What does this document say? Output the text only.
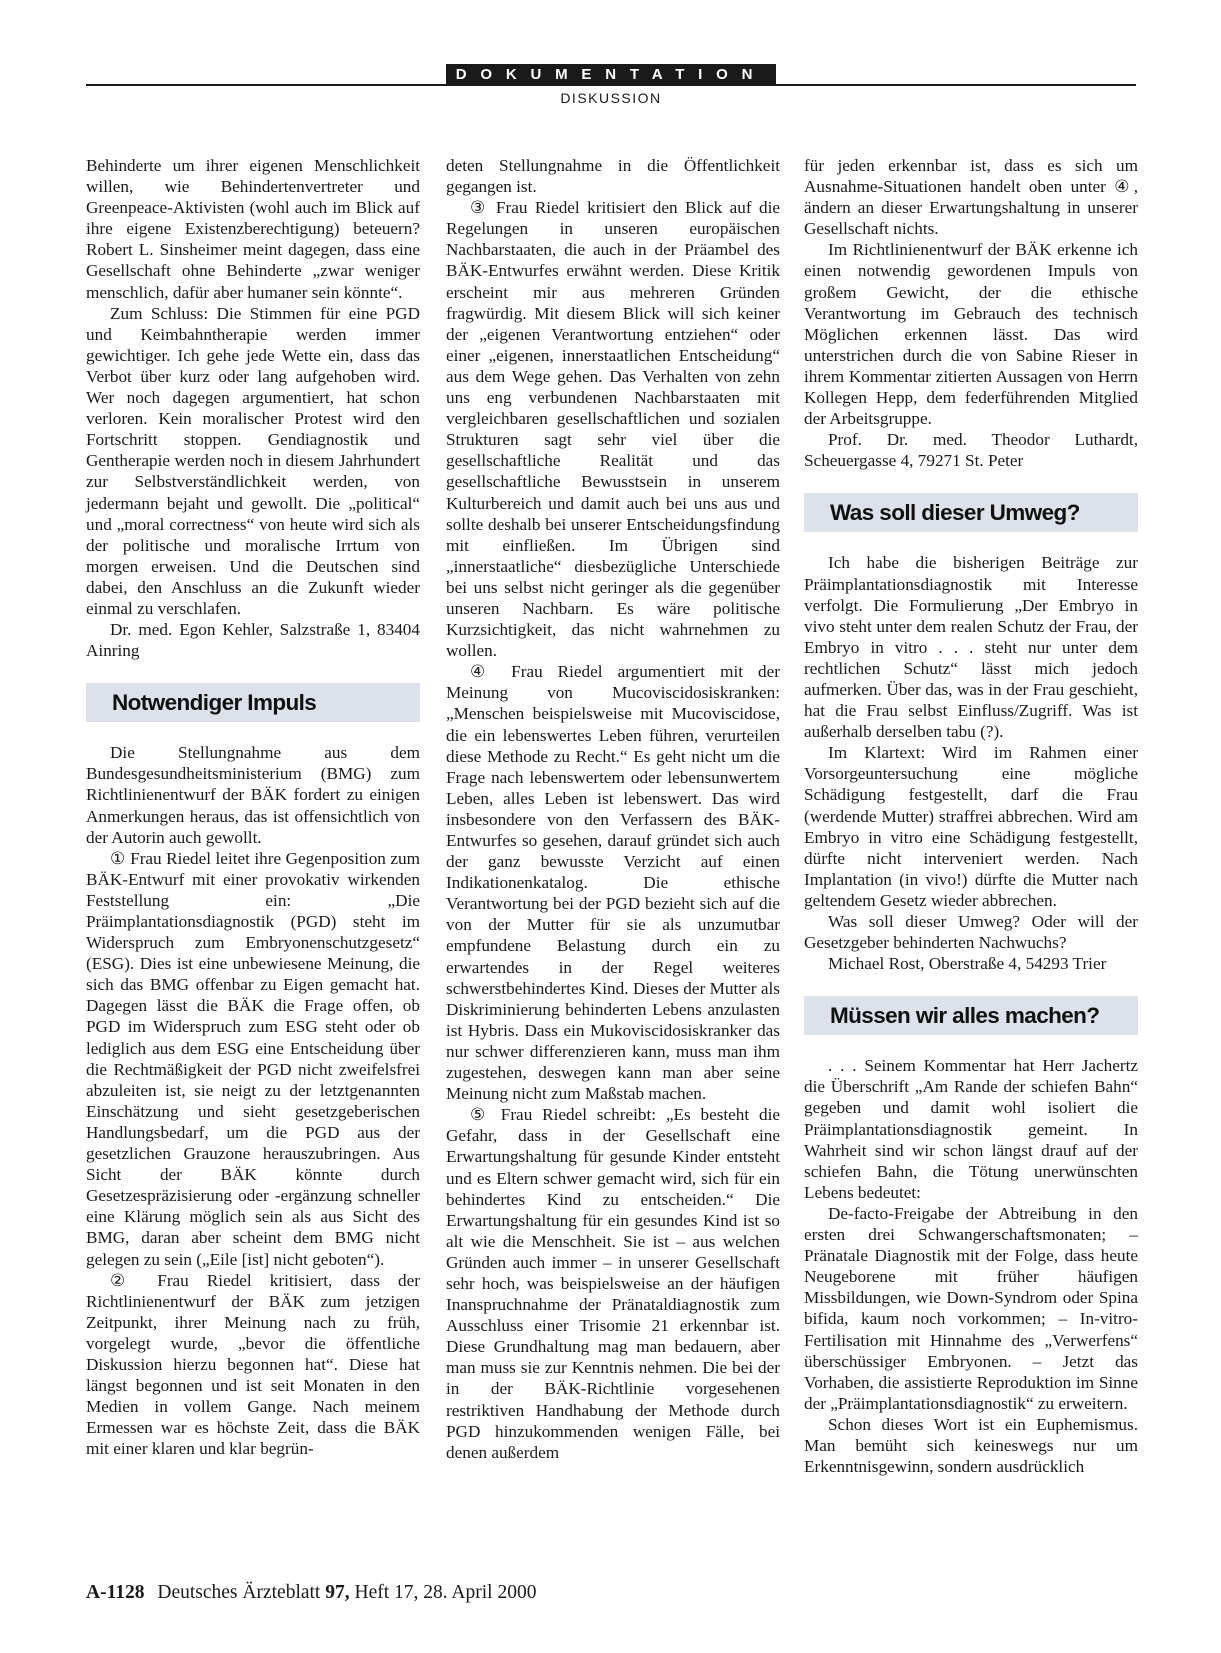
DOKUMENTATION
DISKUSSION

Behinderte um ihrer eigenen Menschlichkeit willen, wie Behindertenvertreter und Greenpeace-Aktivisten (wohl auch im Blick auf ihre eigene Existenzberechtigung) beteuern? Robert L. Sinsheimer meint dagegen, dass eine Gesellschaft ohne Behinderte „zwar weniger menschlich, dafür aber humaner sein könnte“.

Zum Schluss: Die Stimmen für eine PGD und Keimbahntherapie werden immer gewichtiger. Ich gehe jede Wette ein, dass das Verbot über kurz oder lang aufgehoben wird. Wer noch dagegen argumentiert, hat schon verloren. Kein moralischer Protest wird den Fortschritt stoppen. Gendiagnostik und Gentherapie werden noch in diesem Jahrhundert zur Selbstverständlichkeit werden, von jedermann bejaht und gewollt. Die „political“ und „moral correctness“ von heute wird sich als der politische und moralische Irrtum von morgen erweisen. Und die Deutschen sind dabei, den Anschluss an die Zukunft wieder einmal zu verschlafen.

Dr. med. Egon Kehler, Salzstraße 1, 83404 Ainring

Notwendiger Impuls

Die Stellungnahme aus dem Bundesgesundheitsministerium (BMG) zum Richtlinienentwurf der BÄK fordert zu einigen Anmerkungen heraus, das ist offensichtlich von der Autorin auch gewollt.

① Frau Riedel leitet ihre Gegenposition zum BÄK-Entwurf mit einer provokativ wirkenden Feststellung ein: „Die Präimplantationsdiagnostik (PGD) steht im Widerspruch zum Embryonenschutzgesetz“ (ESG). Dies ist eine unbewiesene Meinung, die sich das BMG offenbar zu Eigen gemacht hat. Dagegen lässt die BÄK die Frage offen, ob PGD im Widerspruch zum ESG steht oder ob lediglich aus dem ESG eine Entscheidung über die Rechtmäßigkeit der PGD nicht zweifelsfrei abzuleiten ist, sie neigt zu der letztgenannten Einschätzung und sieht gesetzgeberischen Handlungsbedarf, um die PGD aus der gesetzlichen Grauzone herauszubringen. Aus Sicht der BÄK könnte durch Gesetzespräzisierung oder -ergänzung schneller eine Klärung möglich sein als aus Sicht des BMG, daran aber scheint dem BMG nicht gelegen zu sein („Eile [ist] nicht geboten“).

② Frau Riedel kritisiert, dass der Richtlinienentwurf der BÄK zum jetzigen Zeitpunkt, ihrer Meinung nach zu früh, vorgelegt wurde, „bevor die öffentliche Diskussion hierzu begonnen hat“. Diese hat längst begonnen und ist seit Monaten in den Medien in vollem Gange. Nach meinem Ermessen war es höchste Zeit, dass die BÄK mit einer klaren und klar begrün-

deten Stellungnahme in die Öffentlichkeit gegangen ist.

③ Frau Riedel kritisiert den Blick auf die Regelungen in unseren europäischen Nachbarstaaten, die auch in der Präambel des BÄK-Entwurfes erwähnt werden. Diese Kritik erscheint mir aus mehreren Gründen fragwürdig. Mit diesem Blick will sich keiner der „eigenen Verantwortung entziehen“ oder einer „eigenen, innerstaatlichen Entscheidung“ aus dem Wege gehen. Das Verhalten von zehn uns eng verbundenen Nachbarstaaten mit vergleichbaren gesellschaftlichen und sozialen Strukturen sagt sehr viel über die gesellschaftliche Realität und das gesellschaftliche Bewusstsein in unserem Kulturbereich und damit auch bei uns aus und sollte deshalb bei unserer Entscheidungsfindung mit einfließen. Im Übrigen sind „innerstaatliche“ diesbezügliche Unterschiede bei uns selbst nicht geringer als die gegenüber unseren Nachbarn. Es wäre politische Kurzsichtigkeit, das nicht wahrnehmen zu wollen.

④ Frau Riedel argumentiert mit der Meinung von Mucoviscidosiskranken: „Menschen beispielsweise mit Mucoviscidose, die ein lebenswertes Leben führen, verurteilen diese Methode zu Recht.“ Es geht nicht um die Frage nach lebenswertem oder lebensunwertem Leben, alles Leben ist lebenswert. Das wird insbesondere von den Verfassern des BÄK-Entwurfes so gesehen, darauf gründet sich auch der ganz bewusste Verzicht auf einen Indikationenkatalog. Die ethische Verantwortung bei der PGD bezieht sich auf die von der Mutter für sie als unzumutbar empfundene Belastung durch ein zu erwartendes in der Regel weiteres schwerstbehindertes Kind. Dieses der Mutter als Diskriminierung behinderten Lebens anzulasten ist Hybris. Dass ein Mukoviscidosiskranker das nur schwer differenzieren kann, muss man ihm zugestehen, deswegen kann man aber seine Meinung nicht zum Maßstab machen.

⑤ Frau Riedel schreibt: „Es besteht die Gefahr, dass in der Gesellschaft eine Erwartungshaltung für gesunde Kinder entsteht und es Eltern schwer gemacht wird, sich für ein behindertes Kind zu entscheiden.“ Die Erwartungshaltung für ein gesundes Kind ist so alt wie die Menschheit. Sie ist – aus welchen Gründen auch immer – in unserer Gesellschaft sehr hoch, was beispielsweise an der häufigen Inanspruchnahme der Pränataldiagnostik zum Ausschluss einer Trisomie 21 erkennbar ist. Diese Grundhaltung mag man bedauern, aber man muss sie zur Kenntnis nehmen. Die bei der in der BÄK-Richtlinie vorgesehenen restriktiven Handhabung der Methode durch PGD hinzukommenden wenigen Fälle, bei denen außerdem

für jeden erkennbar ist, dass es sich um Ausnahme-Situationen handelt oben unter ④, ändern an dieser Erwartungshaltung in unserer Gesellschaft nichts.

Im Richtlinienentwurf der BÄK erkenne ich einen notwendig gewordenen Impuls von großem Gewicht, der die ethische Verantwortung im Gebrauch des technisch Möglichen erkennen lässt. Das wird unterstrichen durch die von Sabine Rieser in ihrem Kommentar zitierten Aussagen von Herrn Kollegen Hepp, dem federführenden Mitglied der Arbeitsgruppe.

Prof. Dr. med. Theodor Luthardt, Scheuergasse 4, 79271 St. Peter

Was soll dieser Umweg?

Ich habe die bisherigen Beiträge zur Präimplantationsdiagnostik mit Interesse verfolgt. Die Formulierung „Der Embryo in vivo steht unter dem realen Schutz der Frau, der Embryo in vitro . . . steht nur unter dem rechtlichen Schutz“ lässt mich jedoch aufmerken. Über das, was in der Frau geschieht, hat die Frau selbst Einfluss/Zugriff. Was ist außerhalb derselben tabu (?).

Im Klartext: Wird im Rahmen einer Vorsorgeuntersuchung eine mögliche Schädigung festgestellt, darf die Frau (werdende Mutter) straffrei abbrechen. Wird am Embryo in vitro eine Schädigung festgestellt, dürfte nicht interveniert werden. Nach Implantation (in vivo!) dürfte die Mutter nach geltendem Gesetz wieder abbrechen.

Was soll dieser Umweg? Oder will der Gesetzgeber behinderten Nachwuchs?

Michael Rost, Oberstraße 4, 54293 Trier

Müssen wir alles machen?

. . . Seinem Kommentar hat Herr Jachertz die Überschrift „Am Rande der schiefen Bahn“ gegeben und damit wohl isoliert die Präimplantationsdiagnostik gemeint. In Wahrheit sind wir schon längst drauf auf der schiefen Bahn, die Tötung unerwünschten Lebens bedeutet:

De-facto-Freigabe der Abtreibung in den ersten drei Schwangerschaftsmonaten; – Pränatale Diagnostik mit der Folge, dass heute Neugeborene mit früher häufigen Missbildungen, wie Down-Syndrom oder Spina bifida, kaum noch vorkommen; – In-vitro-Fertilisation mit Hinnahme des „Verwerfens“ überschüssiger Embryonen. – Jetzt das Vorhaben, die assistierte Reproduktion im Sinne der „Präimplantationsdiagnostik“ zu erweitern.

Schon dieses Wort ist ein Euphemismus. Man bemüht sich keineswegs nur um Erkenntnisgewinn, sondern ausdrücklich

A-1128 Deutsches Ärzteblatt 97, Heft 17, 28. April 2000
